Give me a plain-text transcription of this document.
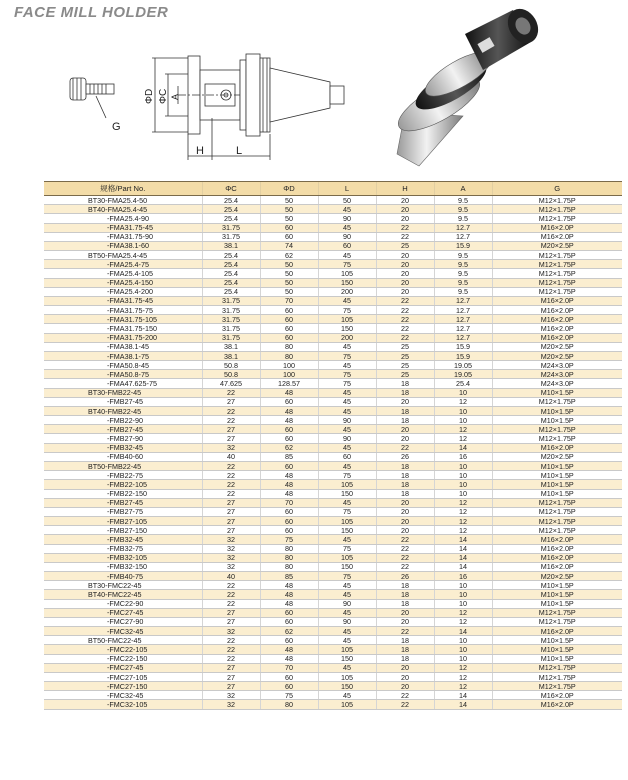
FACE MILL HOLDER
ΦD ΦC A
G
H	L
规格/Part No.	ΦC	ΦD	L	H	A	G
BT30-FMA25.4-50	25.4	50	50	20	9.5	M12×1.75P
BT40-FMA25.4-45	25.4	50	45	20	9.5	M12×1.75P
-FMA25.4-90	25.4	50	90	20	9.5	M12×1.75P
-FMA31.75-45	31.75	60	45	22	12.7	M16×2.0P
-FMA31.75-90	31.75	60	90	22	12.7	M16×2.0P
-FMA38.1-60	38.1	74	60	25	15.9	M20×2.5P
BT50-FMA25.4-45	25.4	62	45	20	9.5	M12×1.75P
-FMA25.4-75	25.4	50	75	20	9.5	M12×1.75P
-FMA25.4-105	25.4	50	105	20	9.5	M12×1.75P
-FMA25.4-150	25.4	50	150	20	9.5	M12×1.75P
-FMA25.4-200	25.4	50	200	20	9.5	M12×1.75P
-FMA31.75-45	31.75	70	45	22	12.7	M16×2.0P
-FMA31.75-75	31.75	60	75	22	12.7	M16×2.0P
-FMA31.75-105	31.75	60	105	22	12.7	M16×2.0P
-FMA31.75-150	31.75	60	150	22	12.7	M16×2.0P
-FMA31.75-200	31.75	60	200	22	12.7	M16×2.0P
-FMA38.1-45	38.1	80	45	25	15.9	M20×2.5P
-FMA38.1-75	38.1	80	75	25	15.9	M20×2.5P
-FMA50.8-45	50.8	100	45	25	19.05	M24×3.0P
-FMA50.8-75	50.8	100	75	25	19.05	M24×3.0P
-FMA47.625-75	47.625	128.57	75	18	25.4	M24×3.0P
BT30-FMB22-45	22	48	45	18	10	M10×1.5P
-FMB27-45	27	60	45	20	12	M12×1.75P
BT40-FMB22-45	22	48	45	18	10	M10×1.5P
-FMB22-90	22	48	90	18	10	M10×1.5P
-FMB27-45	27	60	45	20	12	M12×1.75P
-FMB27-90	27	60	90	20	12	M12×1.75P
-FMB32-45	32	62	45	22	14	M16×2.0P
-FMB40-60	40	85	60	26	16	M20×2.5P
BT50-FMB22-45	22	60	45	18	10	M10×1.5P
-FMB22-75	22	48	75	18	10	M10×1.5P
-FMB22-105	22	48	105	18	10	M10×1.5P
-FMB22-150	22	48	150	18	10	M10×1.5P
-FMB27-45	27	70	45	20	12	M12×1.75P
-FMB27-75	27	60	75	20	12	M12×1.75P
-FMB27-105	27	60	105	20	12	M12×1.75P
-FMB27-150	27	60	150	20	12	M12×1.75P
-FMB32-45	32	75	45	22	14	M16×2.0P
-FMB32-75	32	80	75	22	14	M16×2.0P
-FMB32-105	32	80	105	22	14	M16×2.0P
-FMB32-150	32	80	150	22	14	M16×2.0P
-FMB40-75	40	85	75	26	16	M20×2.5P
BT30-FMC22-45	22	48	45	18	10	M10×1.5P
BT40-FMC22-45	22	48	45	18	10	M10×1.5P
-FMC22-90	22	48	90	18	10	M10×1.5P
-FMC27-45	27	60	45	20	12	M12×1.75P
-FMC27-90	27	60	90	20	12	M12×1.75P
-FMC32-45	32	62	45	22	14	M16×2.0P
BT50-FMC22-45	22	60	45	18	10	M10×1.5P
-FMC22-105	22	48	105	18	10	M10×1.5P
-FMC22-150	22	48	150	18	10	M10×1.5P
-FMC27-45	27	70	45	20	12	M12×1.75P
-FMC27-105	27	60	105	20	12	M12×1.75P
-FMC27-150	27	60	150	20	12	M12×1.75P
-FMC32-45	32	75	45	22	14	M16×2.0P
-FMC32-105	32	80	105	22	14	M16×2.0P
